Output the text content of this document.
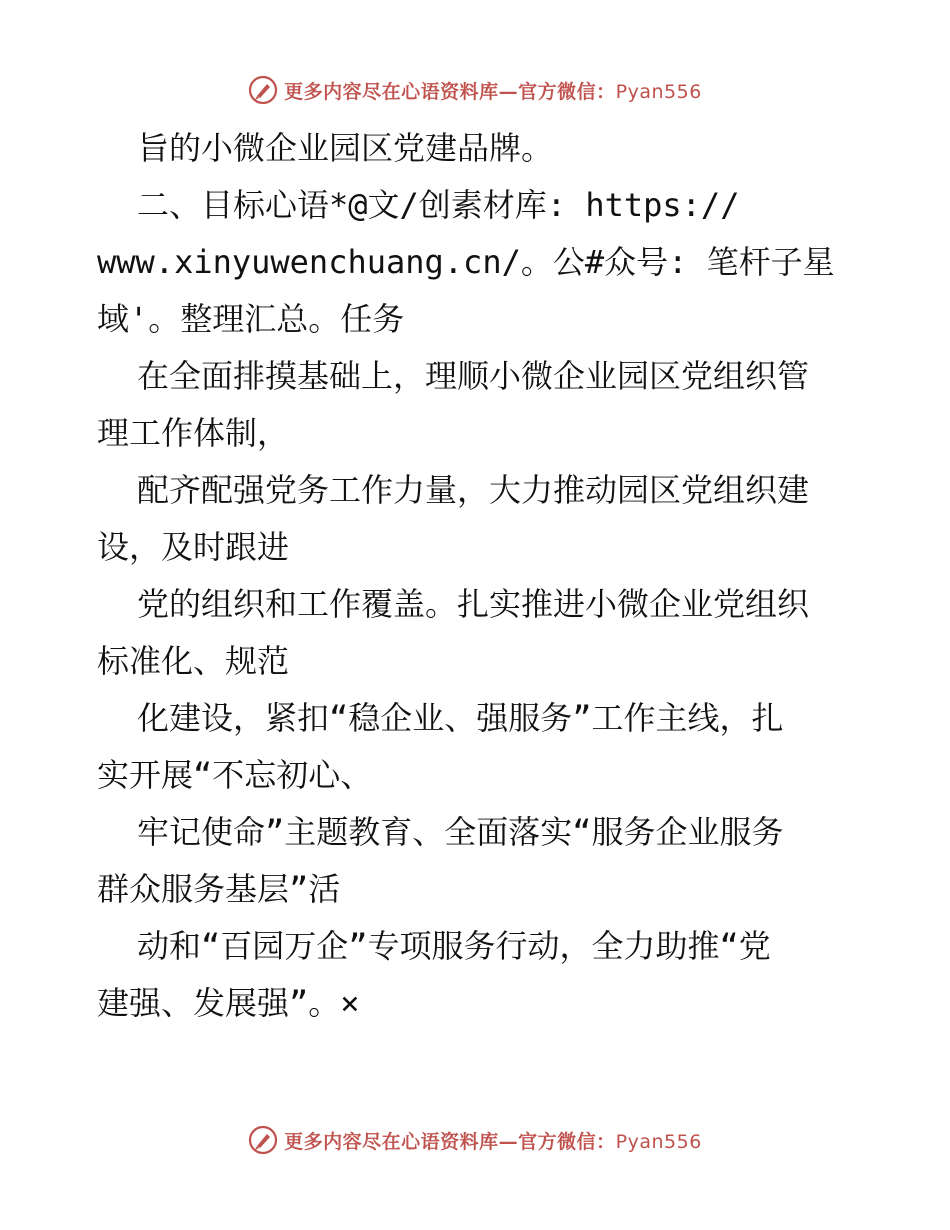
更多内容尽在心语资料库—官方微信：Pyan556

旨的小微企业园区党建品牌。

二、目标心语*@文/创素材库: https://
www.xinyuwenchuang.cn/。公#众号: 笔杆子星
域'。整理汇总。任务

在全面排摸基础上，理顺小微企业园区党组织管
理工作体制，

配齐配强党务工作力量，大力推动园区党组织建
设，及时跟进

党的组织和工作覆盖。扎实推进小微企业党组织
标准化、规范

化建设，紧扣“稳企业、强服务”工作主线，扎
实开展“不忘初心、

牢记使命”主题教育、全面落实“服务企业服务
群众服务基层”活

动和“百园万企”专项服务行动，全力助推“党
建强、发展强”。×

更多内容尽在心语资料库—官方微信：Pyan556
